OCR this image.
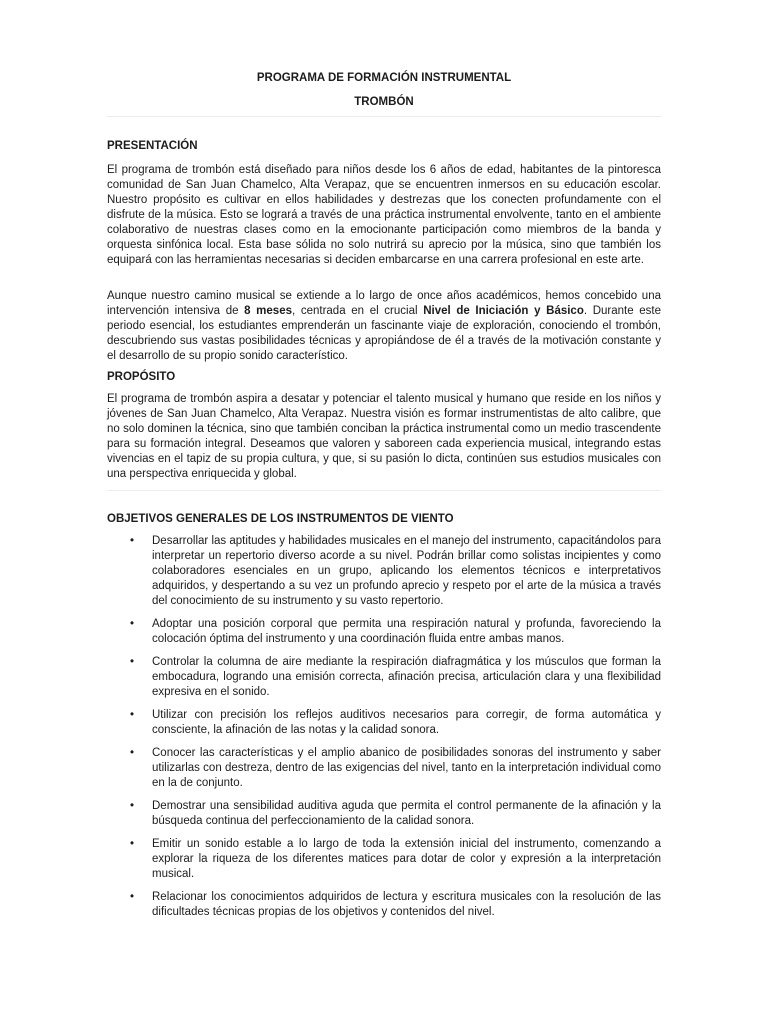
PROGRAMA DE FORMACIÓN INSTRUMENTAL
TROMBÓN
PRESENTACIÓN

El programa de trombón está diseñado para niños desde los 6 años de edad, habitantes de la pintoresca comunidad de San Juan Chamelco, Alta Verapaz, que se encuentren inmersos en su educación escolar. Nuestro propósito es cultivar en ellos habilidades y destrezas que los conecten profundamente con el disfrute de la música. Esto se logrará a través de una práctica instrumental envolvente, tanto en el ambiente colaborativo de nuestras clases como en la emocionante participación como miembros de la banda y orquesta sinfónica local. Esta base sólida no solo nutrirá su aprecio por la música, sino que también los equipará con las herramientas necesarias si deciden embarcarse en una carrera profesional en este arte.

Aunque nuestro camino musical se extiende a lo largo de once años académicos, hemos concebido una intervención intensiva de 8 meses, centrada en el crucial Nivel de Iniciación y Básico. Durante este periodo esencial, los estudiantes emprenderán un fascinante viaje de exploración, conociendo el trombón, descubriendo sus vastas posibilidades técnicas y apropiándose de él a través de la motivación constante y el desarrollo de su propio sonido característico.

PROPÓSITO

El programa de trombón aspira a desatar y potenciar el talento musical y humano que reside en los niños y jóvenes de San Juan Chamelco, Alta Verapaz. Nuestra visión es formar instrumentistas de alto calibre, que no solo dominen la técnica, sino que también conciban la práctica instrumental como un medio trascendente para su formación integral. Deseamos que valoren y saboreen cada experiencia musical, integrando estas vivencias en el tapiz de su propia cultura, y que, si su pasión lo dicta, continúen sus estudios musicales con una perspectiva enriquecida y global.

OBJETIVOS GENERALES DE LOS INSTRUMENTOS DE VIENTO
• Desarrollar las aptitudes y habilidades musicales en el manejo del instrumento, capacitándolos para interpretar un repertorio diverso acorde a su nivel. Podrán brillar como solistas incipientes y como colaboradores esenciales en un grupo, aplicando los elementos técnicos e interpretativos adquiridos, y despertando a su vez un profundo aprecio y respeto por el arte de la música a través del conocimiento de su instrumento y su vasto repertorio.
• Adoptar una posición corporal que permita una respiración natural y profunda, favoreciendo la colocación óptima del instrumento y una coordinación fluida entre ambas manos.
• Controlar la columna de aire mediante la respiración diafragmática y los músculos que forman la embocadura, logrando una emisión correcta, afinación precisa, articulación clara y una flexibilidad expresiva en el sonido.
• Utilizar con precisión los reflejos auditivos necesarios para corregir, de forma automática y consciente, la afinación de las notas y la calidad sonora.
• Conocer las características y el amplio abanico de posibilidades sonoras del instrumento y saber utilizarlas con destreza, dentro de las exigencias del nivel, tanto en la interpretación individual como en la de conjunto.
• Demostrar una sensibilidad auditiva aguda que permita el control permanente de la afinación y la búsqueda continua del perfeccionamiento de la calidad sonora.
• Emitir un sonido estable a lo largo de toda la extensión inicial del instrumento, comenzando a explorar la riqueza de los diferentes matices para dotar de color y expresión a la interpretación musical.
• Relacionar los conocimientos adquiridos de lectura y escritura musicales con la resolución de las dificultades técnicas propias de los objetivos y contenidos del nivel.
